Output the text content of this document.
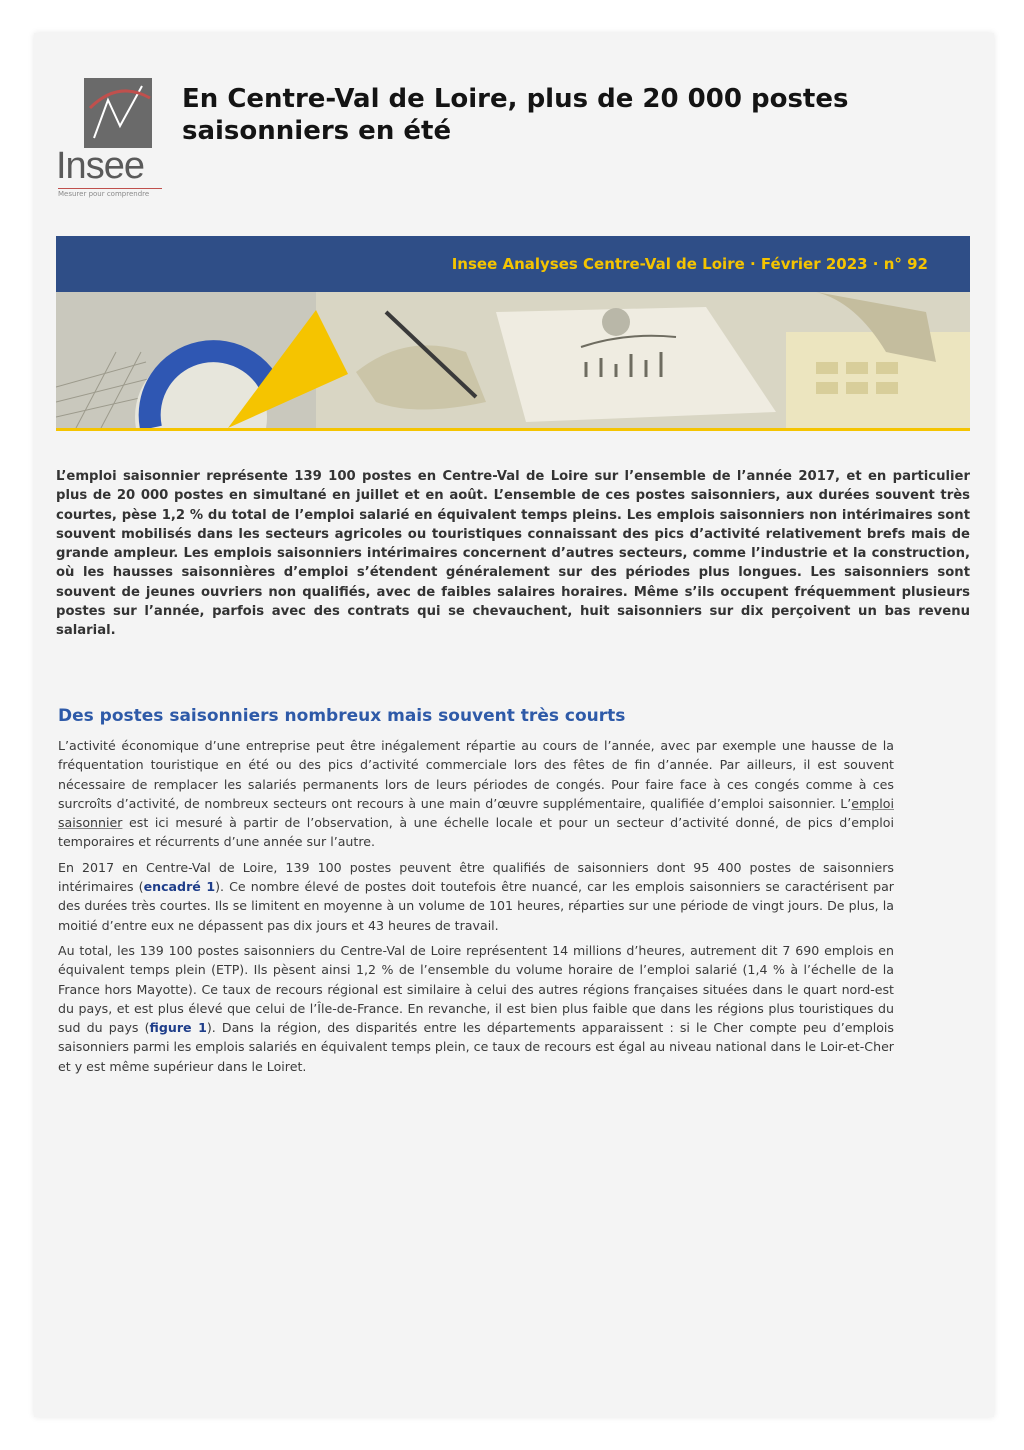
Insee
Mesurer pour comprendre
En Centre-Val de Loire, plus de 20 000 postes saisonniers en été
Insee Analyses Centre-Val de Loire · Février 2023 · n° 92

L’emploi saisonnier représente 139 100 postes en Centre-Val de Loire sur l’ensemble de l’année 2017, et en particulier plus de 20 000 postes en simultané en juillet et en août. L’ensemble de ces postes saisonniers, aux durées souvent très courtes, pèse 1,2 % du total de l’emploi salarié en équivalent temps pleins. Les emplois saisonniers non intérimaires sont souvent mobilisés dans les secteurs agricoles ou touristiques connaissant des pics d’activité relativement brefs mais de grande ampleur. Les emplois saisonniers intérimaires concernent d’autres secteurs, comme l’industrie et la construction, où les hausses saisonnières d’emploi s’étendent généralement sur des périodes plus longues. Les saisonniers sont souvent de jeunes ouvriers non qualifiés, avec de faibles salaires horaires. Même s’ils occupent fréquemment plusieurs postes sur l’année, parfois avec des contrats qui se chevauchent, huit saisonniers sur dix perçoivent un bas revenu salarial.

Des postes saisonniers nombreux mais souvent très courts

L’activité économique d’une entreprise peut être inégalement répartie au cours de l’année, avec par exemple une hausse de la fréquentation touristique en été ou des pics d’activité commerciale lors des fêtes de fin d’année. Par ailleurs, il est souvent nécessaire de remplacer les salariés permanents lors de leurs périodes de congés. Pour faire face à ces congés comme à ces surcroîts d’activité, de nombreux secteurs ont recours à une main d’œuvre supplémentaire, qualifiée d’emploi saisonnier. L’emploi saisonnier est ici mesuré à partir de l’observation, à une échelle locale et pour un secteur d’activité donné, de pics d’emploi temporaires et récurrents d’une année sur l’autre.

En 2017 en Centre-Val de Loire, 139 100 postes peuvent être qualifiés de saisonniers dont 95 400 postes de saisonniers intérimaires (encadré 1). Ce nombre élevé de postes doit toutefois être nuancé, car les emplois saisonniers se caractérisent par des durées très courtes. Ils se limitent en moyenne à un volume de 101 heures, réparties sur une période de vingt jours. De plus, la moitié d’entre eux ne dépassent pas dix jours et 43 heures de travail.

Au total, les 139 100 postes saisonniers du Centre-Val de Loire représentent 14 millions d’heures, autrement dit 7 690 emplois en équivalent temps plein (ETP). Ils pèsent ainsi 1,2 % de l’ensemble du volume horaire de l’emploi salarié (1,4 % à l’échelle de la France hors Mayotte). Ce taux de recours régional est similaire à celui des autres régions françaises situées dans le quart nord-est du pays, et est plus élevé que celui de l’Île-de-France. En revanche, il est bien plus faible que dans les régions plus touristiques du sud du pays (figure 1). Dans la région, des disparités entre les départements apparaissent : si le Cher compte peu d’emplois saisonniers parmi les emplois salariés en équivalent temps plein, ce taux de recours est égal au niveau national dans le Loir-et-Cher et y est même supérieur dans le Loiret.
